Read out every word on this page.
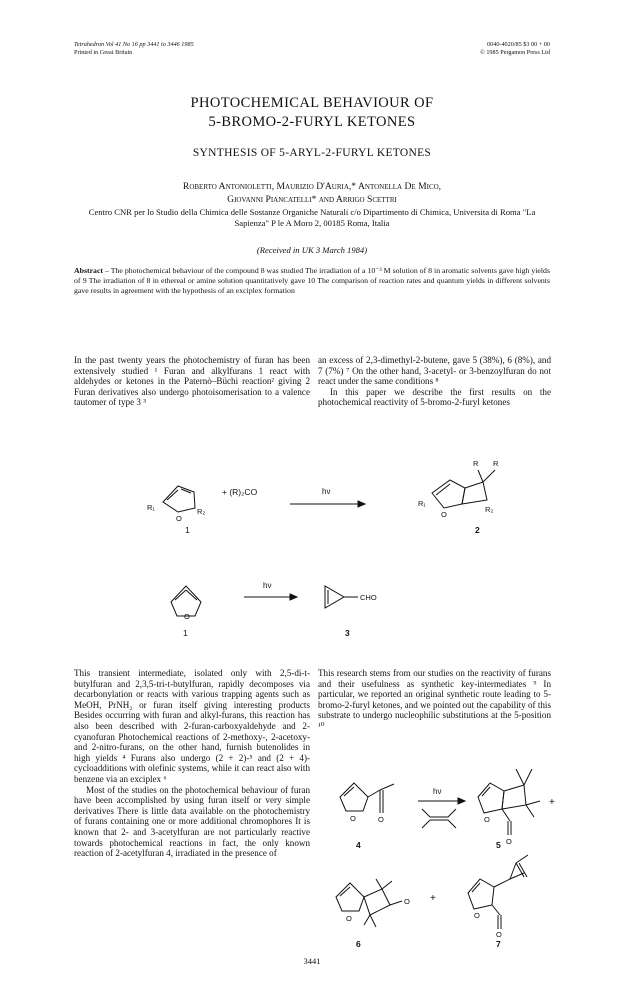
Tetrahedron Vol 41 No 16 pp 3441 to 3446 1985
Printed in Great Britain
0040-4020/85 $3 00 + 00
© 1985 Pergamon Press Ltd
PHOTOCHEMICAL BEHAVIOUR OF
5-BROMO-2-FURYL KETONES
SYNTHESIS OF 5-ARYL-2-FURYL KETONES
Roberto Antonioletti, Maurizio D'Auria,* Antonella De Mico,
Giovanni Piancatelli* and Arrigo Scettri
Centro CNR per lo Studio della Chimica delle Sostanze Organiche Naturali c/o Dipartimento di Chimica, Universita di Roma "La Sapienza" P le A Moro 2, 00185 Roma, Italia
(Received in UK 3 March 1984)
Abstract – The photochemical behaviour of the compound 8 was studied The irradiation of a 10⁻³ M solution of 8 in aromatic solvents gave high yields of 9 The irradiation of 8 in ethereal or amine solution quantitatively gave 10 The comparison of reaction rates and quantum yields in different solvents gave results in agreement with the hypothesis of an exciplex formation

In the past twenty years the photochemistry of furan has been extensively studied ¹ Furan and alkylfurans 1 react with aldehydes or ketones in the Paternò–Büchi reaction² giving 2 Furan derivatives also undergo photoisomerisation to a valence tautomer of type 3 ³

an excess of 2,3-dimethyl-2-butene, gave 5 (38%), 6 (8%), and 7 (7%) ⁷ On the other hand, 3-acetyl- or 3-benzoylfuran do not react under the same conditions ⁸

In this paper we describe the first results on the photochemical reactivity of 5-bromo-2-furyl ketones

R₁
O
R₂
+ (R)₂CO	hν
R R
R₁
O
R₂
1	2
O
hν
CHO
1	3

This transient intermediate, isolated only with 2,5-di-t-butylfuran and 2,3,5-tri-t-butylfuran, rapidly decomposes via decarbonylation or reacts with various trapping agents such as MeOH, PrNH₂ or furan itself giving interesting products Besides occurring with furan and alkyl-furans, this reaction has also been described with 2-furan-carboxyaldehyde and 2-cyanofuran Photochemical reactions of 2-methoxy-, 2-acetoxy- and 2-nitro-furans, on the other hand, furnish butenolides in high yields ⁴ Furans also undergo (2 + 2)-⁵ and (2 + 4)-cycloadditions with olefinic systems, while it can react also with benzene via an exciplex ⁶

Most of the studies on the photochemical behaviour of furan have been accomplished by using furan itself or very simple derivatives There is little data available on the photochemistry of furans containing one or more additional chromophores It is known that 2- and 3-acetylfuran are not particularly reactive towards photochemical reactions in fact, the only known reaction of 2-acetylfuran 4, irradiated in the presence of

This research stems from our studies on the reactivity of furans and their usefulness as synthetic key-intermediates ⁹ In particular, we reported an original synthetic route leading to 5-bromo-2-furyl ketones, and we pointed out the capability of this substrate to undergo nucleophilic substitutions at the 5-position ¹⁰

O	O
hν
O
O
+
4	5
O
O +
O
O
6	7
3441
